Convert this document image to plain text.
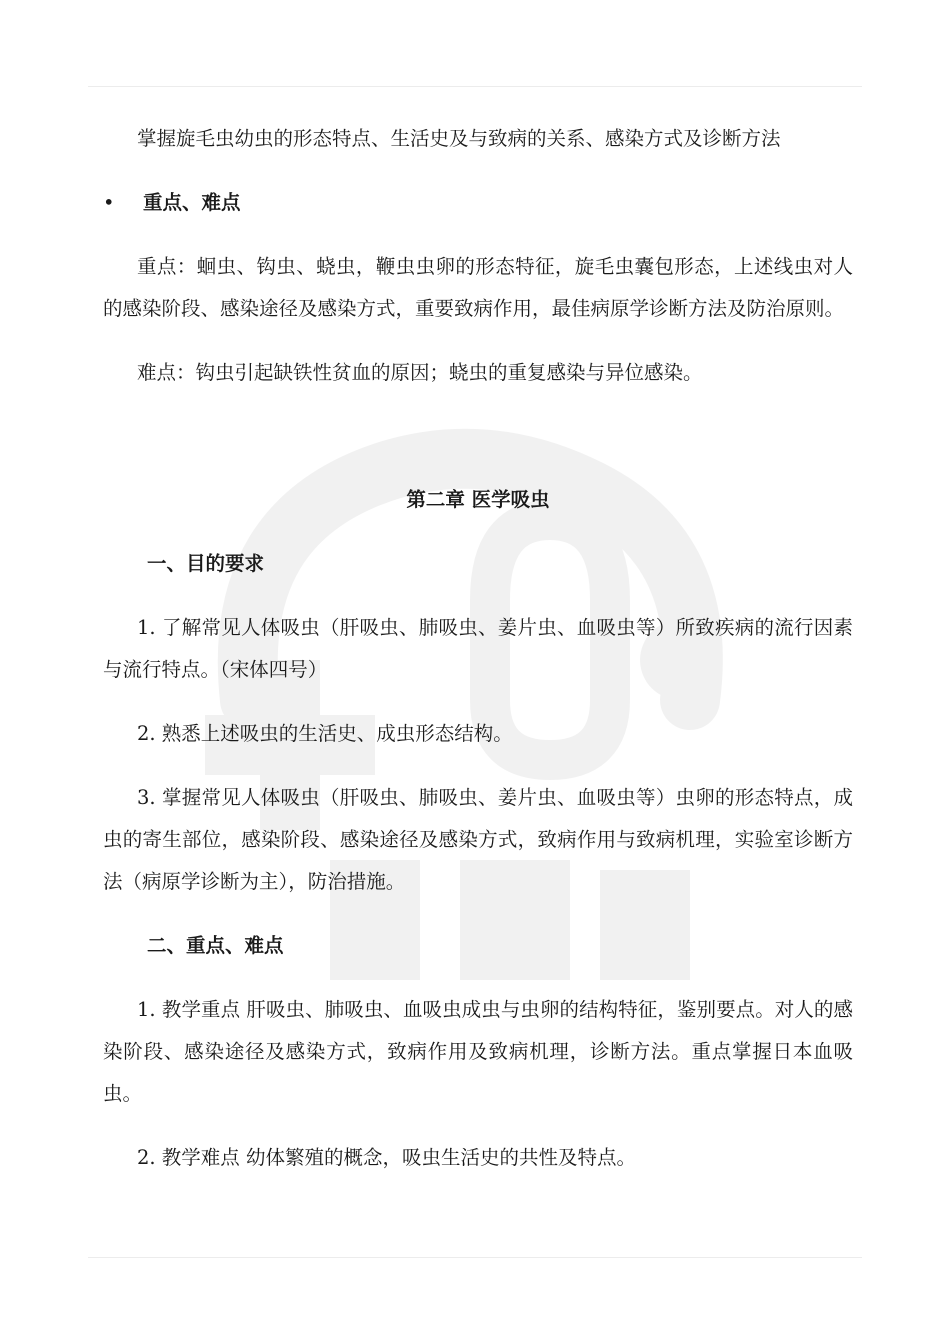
掌握旋毛虫幼虫的形态特点、生活史及与致病的关系、感染方式及诊断方法

• 重点、难点

重点：蛔虫、钩虫、蛲虫，鞭虫虫卵的形态特征，旋毛虫囊包形态，上述线虫对人的感染阶段、感染途径及感染方式，重要致病作用，最佳病原学诊断方法及防治原则。

难点：钩虫引起缺铁性贫血的原因；蛲虫的重复感染与异位感染。

第二章 医学吸虫

一、目的要求

1. 了解常见人体吸虫（肝吸虫、肺吸虫、姜片虫、血吸虫等）所致疾病的流行因素与流行特点。（宋体四号）

2. 熟悉上述吸虫的生活史、成虫形态结构。

3. 掌握常见人体吸虫（肝吸虫、肺吸虫、姜片虫、血吸虫等）虫卵的形态特点，成虫的寄生部位，感染阶段、感染途径及感染方式，致病作用与致病机理，实验室诊断方法（病原学诊断为主），防治措施。

二、重点、难点

1. 教学重点 肝吸虫、肺吸虫、血吸虫成虫与虫卵的结构特征，鉴别要点。对人的感染阶段、感染途径及感染方式，致病作用及致病机理，诊断方法。重点掌握日本血吸虫。

2. 教学难点 幼体繁殖的概念，吸虫生活史的共性及特点。
